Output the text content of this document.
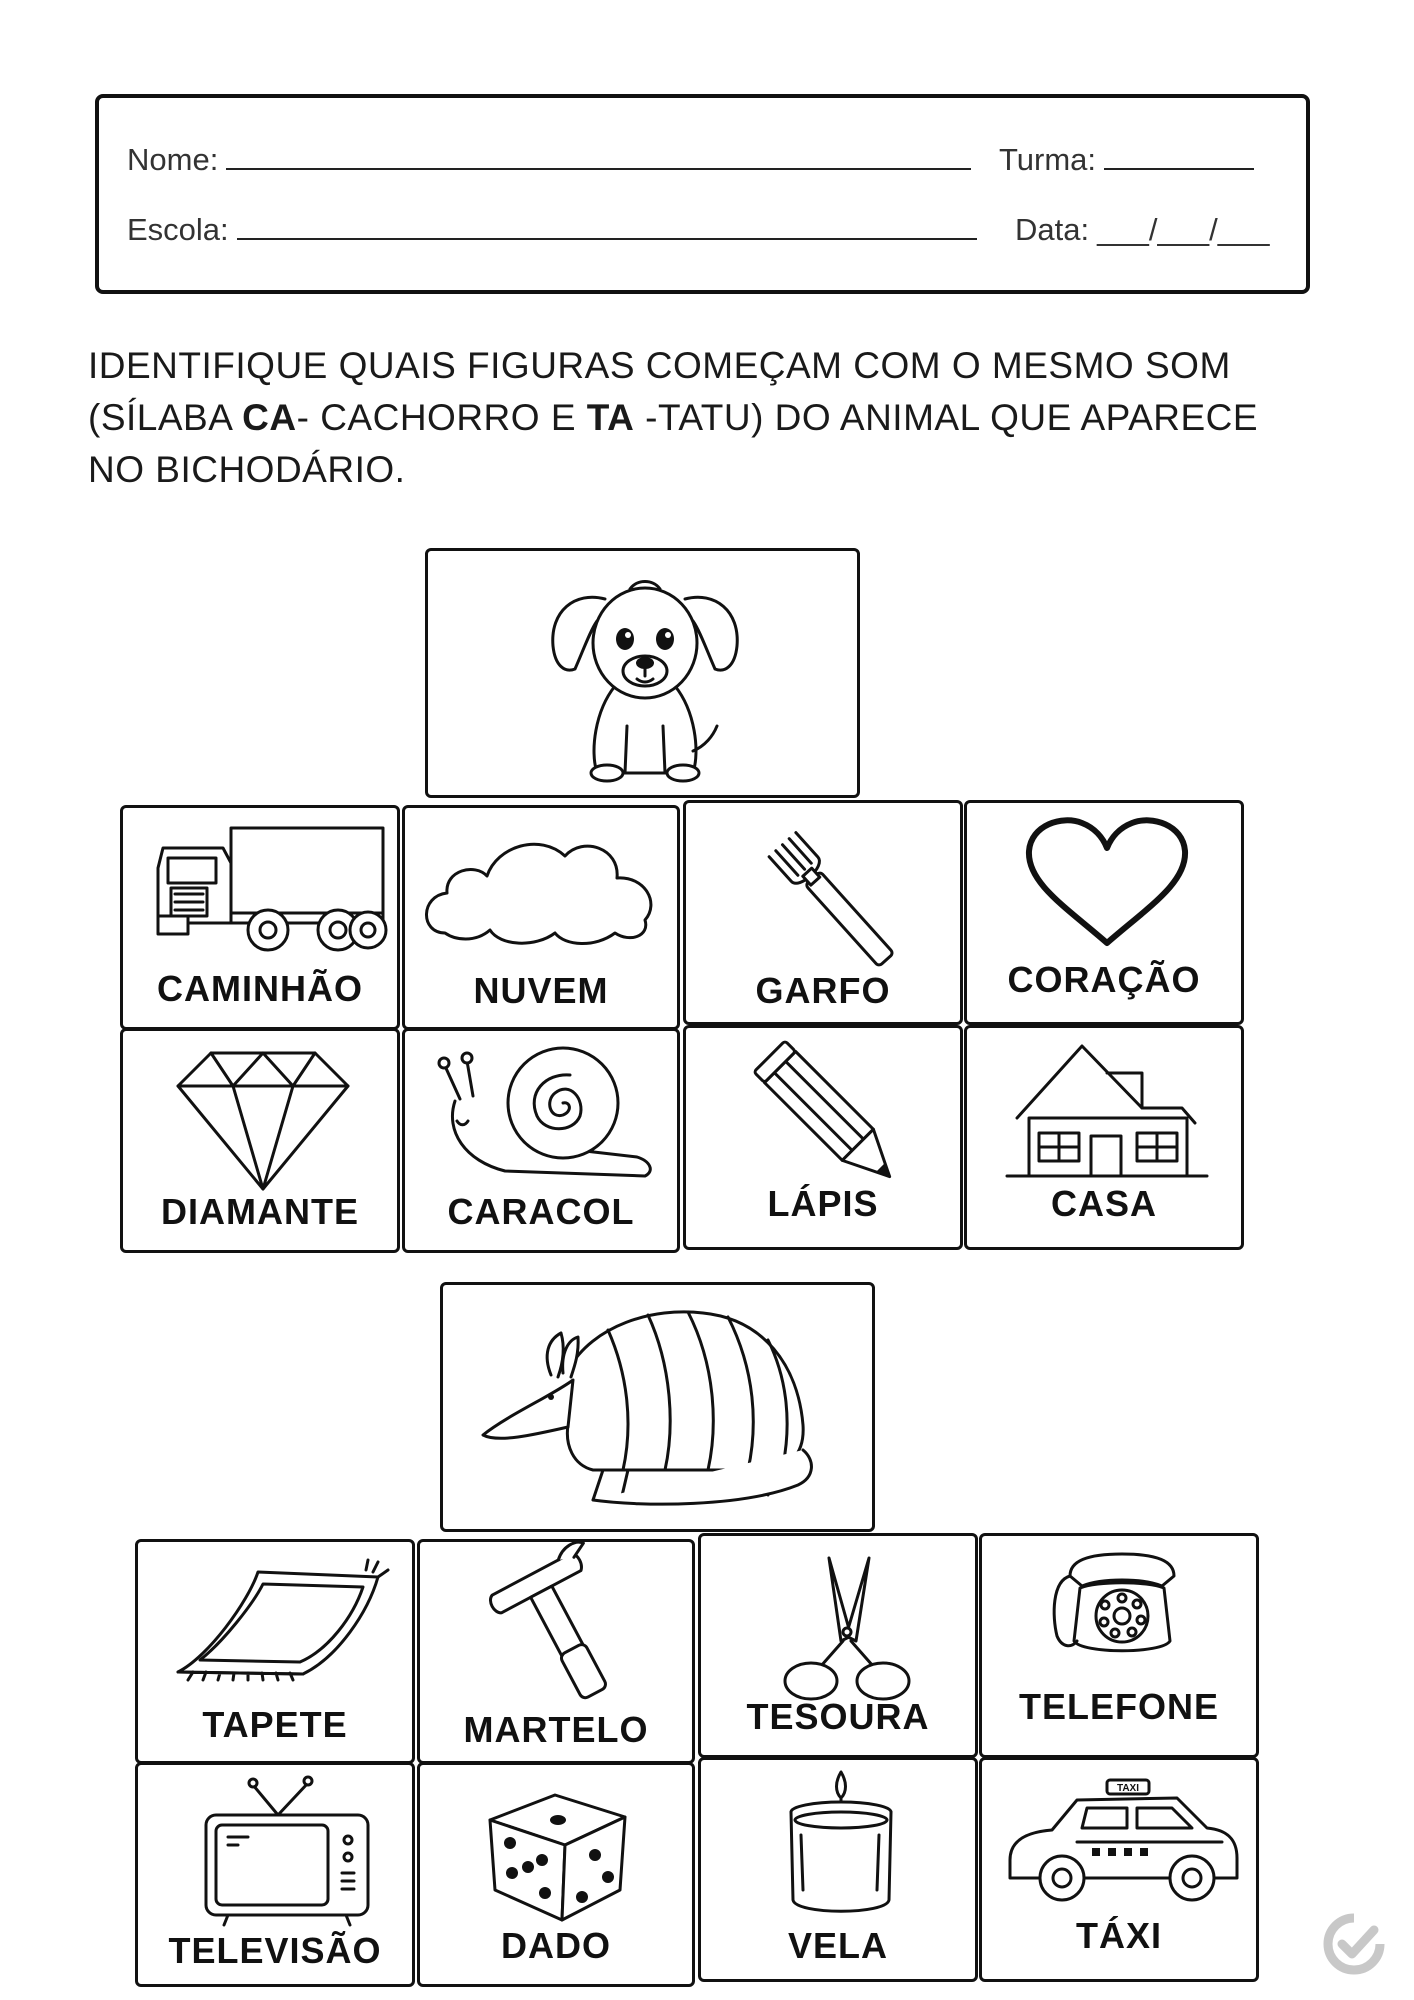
Nome:	Turma:
Escola:	Data: ___/___/___
IDENTIFIQUE QUAIS FIGURAS COMEÇAM COM O MESMO SOM (SÍLABA CA- CACHORRO E TA -TATU) DO ANIMAL QUE APARECE NO BICHODÁRIO.
CAMINHÃO	NUVEM	GARFO	CORAÇÃO
DIAMANTE	CARACOL	LÁPIS	CASA
TAPETE	MARTELO	TESOURA	TELEFONE
TELEVISÃO	DADO	VELA
TAXI
TÁXI
